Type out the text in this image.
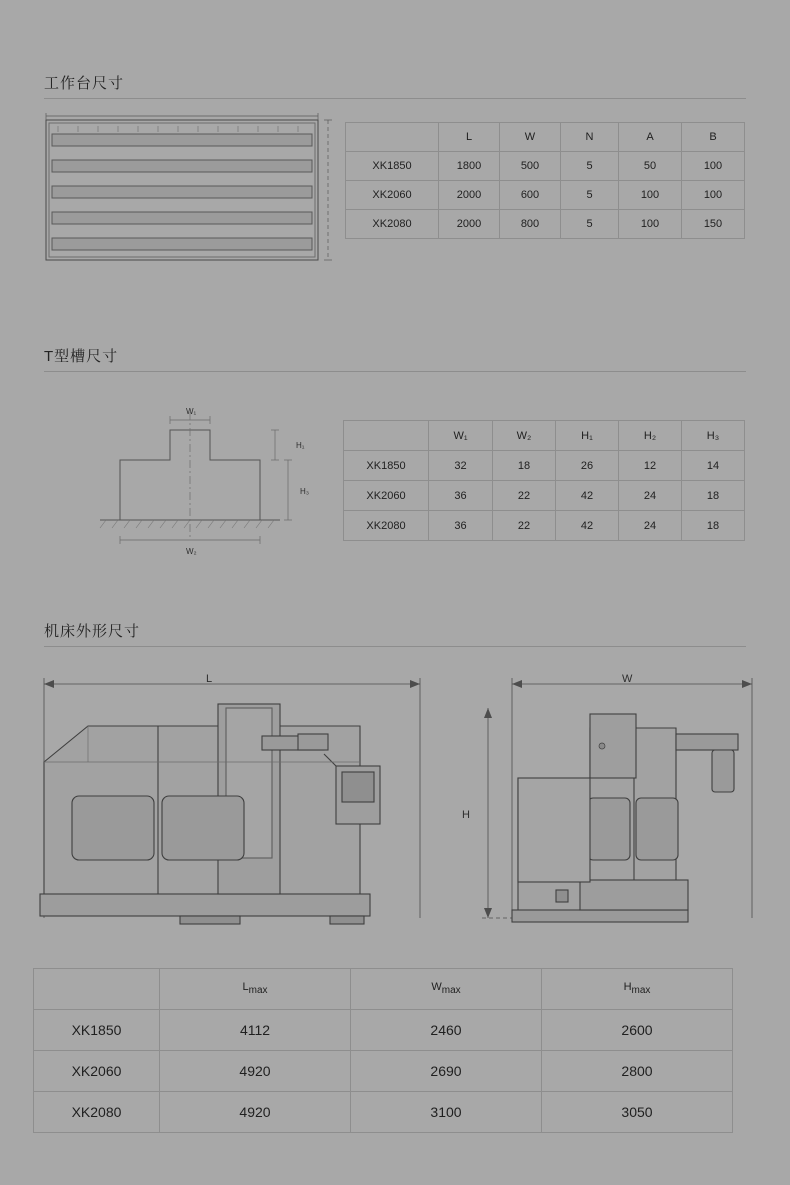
工作台尺寸
	L	W	N	A	B
XK1850	1800	500	5	50	100
XK2060	2000	600	5	100	100
XK2080	2000	800	5	100	150
T型槽尺寸
W₁
W₂
H₁
H₃
	W₁	W₂	H₁	H₂	H₃
XK1850	32	18	26	12	14
XK2060	36	22	42	24	18
XK2080	36	22	42	24	18
机床外形尺寸
L	W
H
	$L_{max}$	$W_{max}$	$H_{max}$
XK1850	4112	2460	2600
XK2060	4920	2690	2800
XK2080	4920	3100	3050
